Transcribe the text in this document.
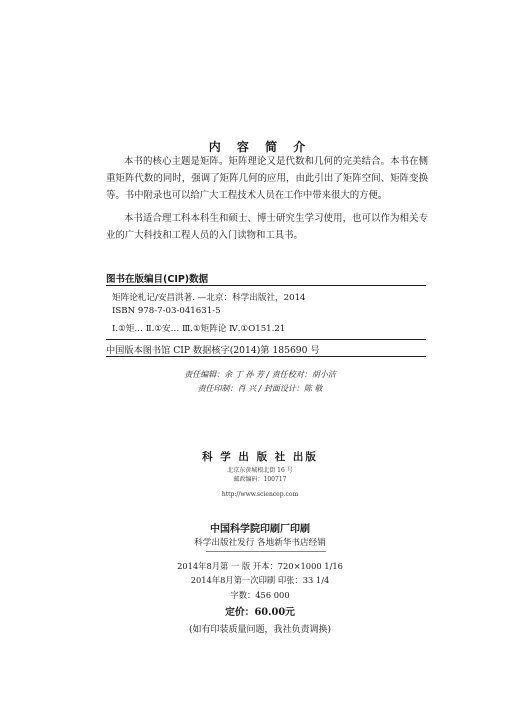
内 容 简 介
本书的核心主题是矩阵。矩阵理论又是代数和几何的完美结合。本书在侧重矩阵代数的同时，强调了矩阵几何的应用，由此引出了矩阵空间、矩阵变换等。书中附录也可以给广大工程技术人员在工作中带来很大的方便。
本书适合理工科本科生和硕士、博士研究生学习使用，也可以作为相关专业的广大科技和工程人员的入门读物和工具书。
图书在版编目(CIP)数据
矩阵论札记/安昌洪著. —北京：科学出版社，2014
ISBN 978-7-03-041631-5
Ⅰ.①矩… Ⅱ.①安… Ⅲ.①矩阵论 Ⅳ.①O151.21
中国版本图书馆 CIP 数据核字(2014)第 185690 号
责任编辑：余 丁 孙 芳 / 责任校对：胡小洁
责任印制：肖 兴 / 封面设计：陈 敬
科 学 出 版 社 出版
北京东黄城根北街 16 号
邮政编码：100717
http://www.sciencep.com
中国科学院印刷厂印刷
科学出版社发行 各地新华书店经销
2014年8月第 一 版 开本：720×1000 1/16
2014年8月第一次印刷 印张：33 1/4
字数：456 000
定价：60.00元
(如有印装质量问题，我社负责调换)
